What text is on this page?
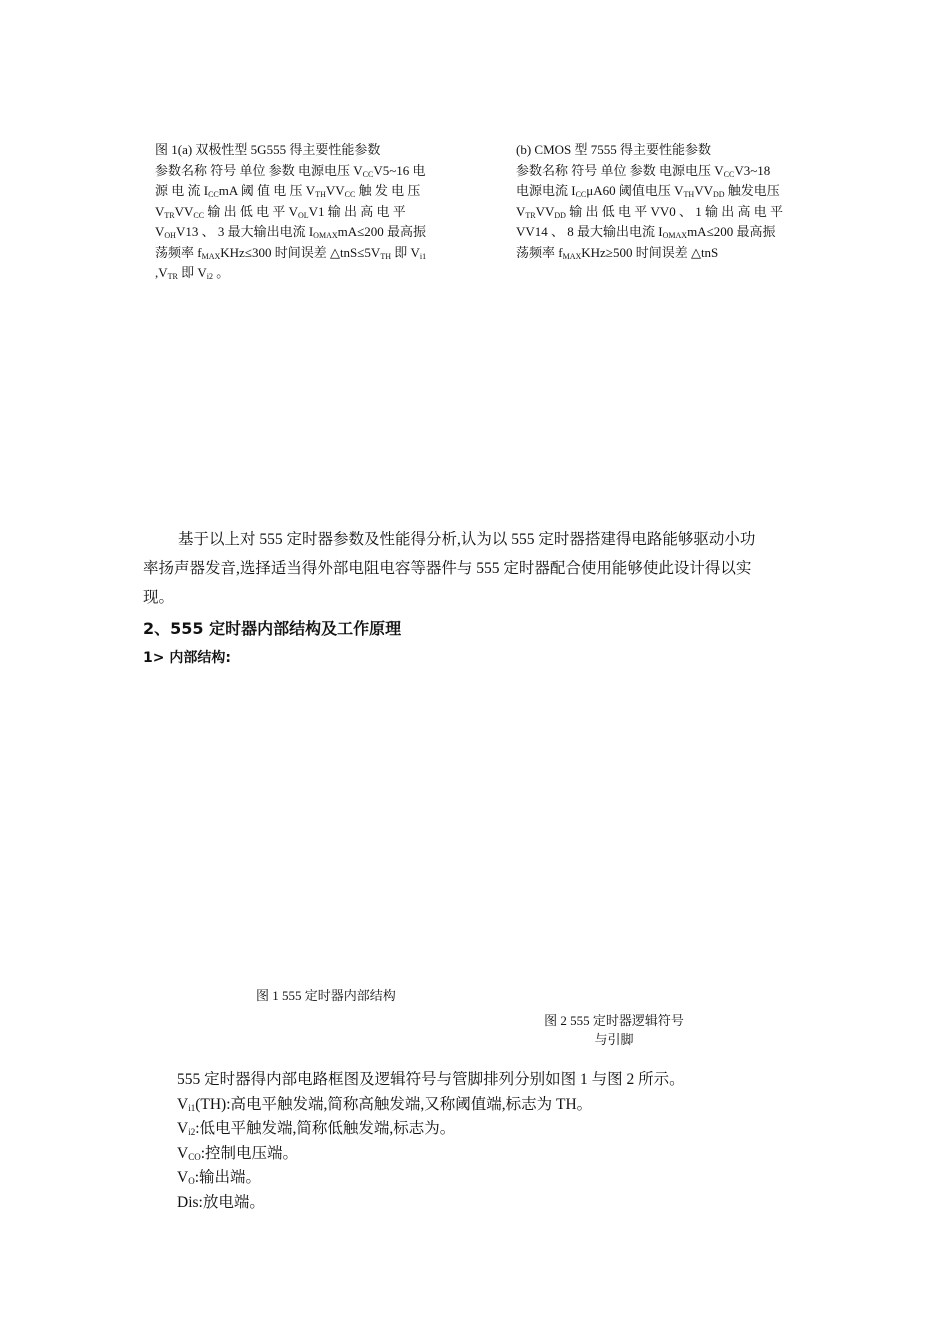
图 1(a) 双极性型 5G555 得主要性能参数

参数名称 符号 单位 参数 电源电压 $V_{CC}V5\sim 16$ 电

源 电 流 $I_{CC}mA$ 阈 值 电 压 $V_{TH}VV_{CC}$ 触 发 电 压

$V_{TR}VV_{CC}$ 输 出 低 电 平 $V_{OL}V1$ 输 出 高 电 平

$V_{OH}V13$ 、 3 最大输出电流 $I_{OMAX}mA\le 200$ 最高振

荡频率 $f_{MAX}KHz\le 300$ 时间误差 $\triangle tnS\le 5V_{TH}$ 即 $V_{i1}$

$,V_{TR}$ 即 $V_{i2}$ 。

(b) CMOS 型 7555 得主要性能参数

参数名称 符号 单位 参数 电源电压 $V_{CC}V3\sim 18$

电源电流 $I_{CC}\mu A60$ 阈值电压 $V_{TH}VV_{DD}$ 触发电压

$V_{TR}VV_{DD}$ 输 出 低 电 平 VV0 、 1 输 出 高 电 平

VV14 、 8 最大输出电流 $I_{OMAX}mA\le 200$ 最高振

荡频率 $f_{MAX}KHz\ge 500$ 时间误差 △tnS

基于以上对 555 定时器参数及性能得分析,认为以 555 定时器搭建得电路能够驱动小功
率扬声器发音,选择适当得外部电阻电容等器件与 555 定时器配合使用能够使此设计得以实
现。
2、555 定时器内部结构及工作原理
1> 内部结构:
图 1 555 定时器内部结构
图 2 555 定时器逻辑符号
与引脚
555 定时器得内部电路框图及逻辑符号与管脚排列分别如图 1 与图 2 所示。
$V_{i1}(TH)$:高电平触发端,简称高触发端,又称阈值端,标志为 TH。
$V_{i2}$:低电平触发端,简称低触发端,标志为。
$V_{CO}$:控制电压端。
$V_O$:输出端。
Dis:放电端。
